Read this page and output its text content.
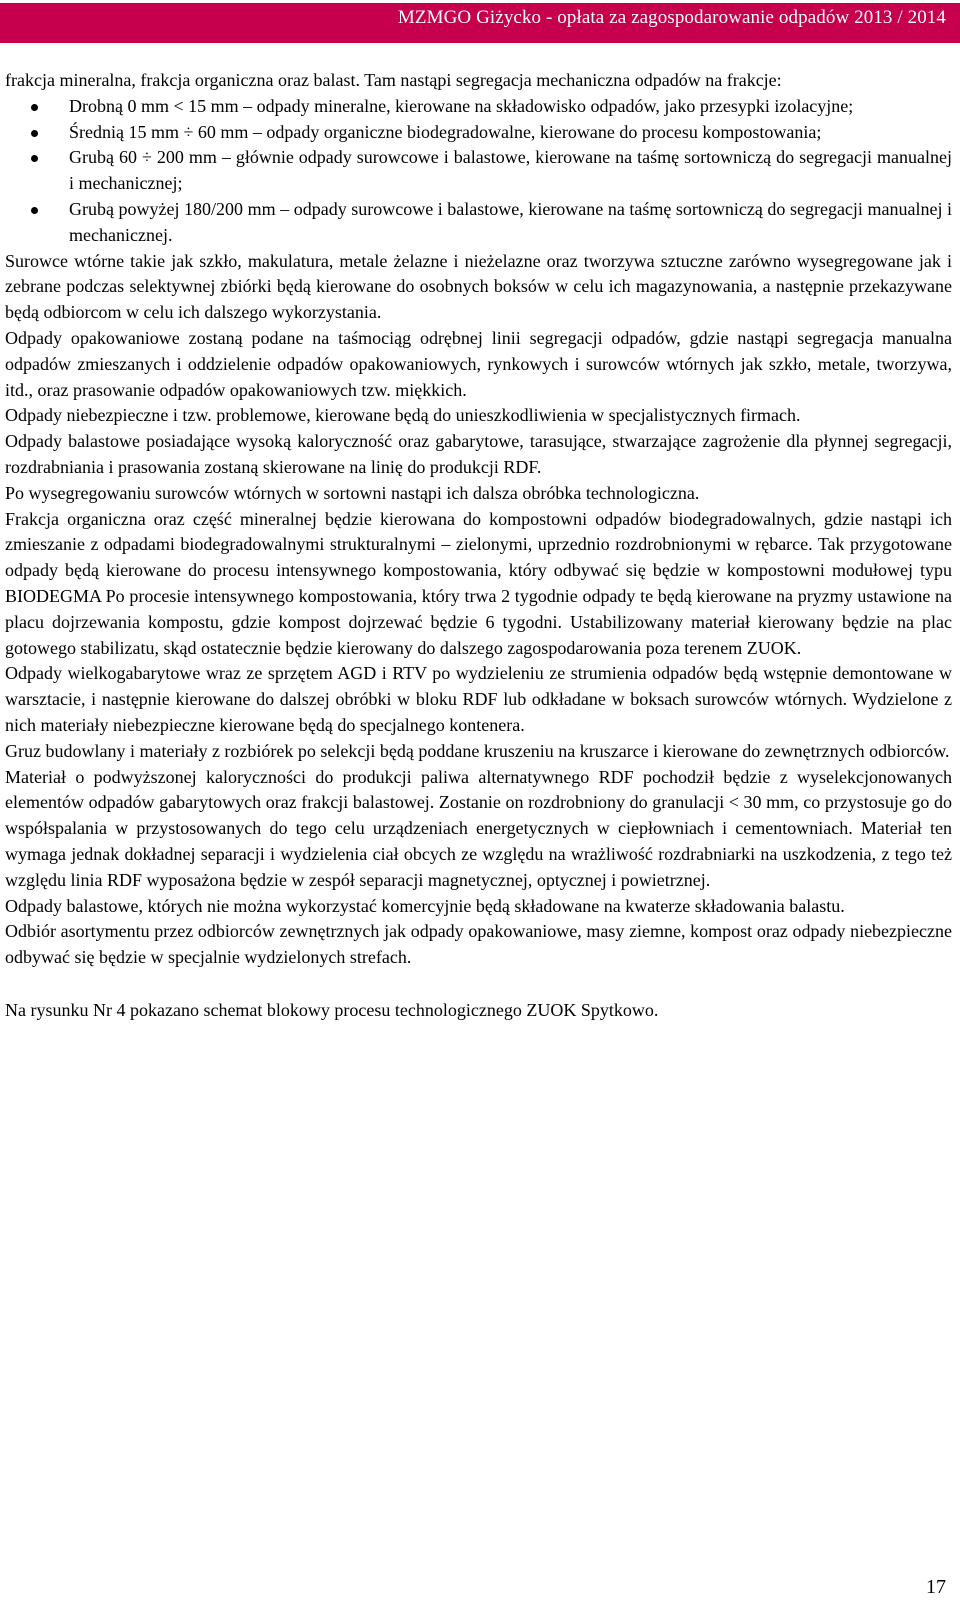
MZMGO Giżycko - opłata za zagospodarowanie odpadów 2013 / 2014

frakcja mineralna, frakcja organiczna oraz balast. Tam nastąpi segregacja mechaniczna odpadów na frakcje:

Drobną 0 mm < 15 mm – odpady mineralne, kierowane na składowisko odpadów, jako przesypki izolacyjne;
Średnią 15 mm ÷ 60 mm – odpady organiczne biodegradowalne, kierowane do procesu kompostowania;
Grubą 60 ÷ 200 mm – głównie odpady surowcowe i balastowe, kierowane na taśmę sortowniczą do segregacji manualnej i mechanicznej;
Grubą powyżej 180/200 mm – odpady surowcowe i balastowe, kierowane na taśmę sortowniczą do segregacji manualnej i mechanicznej.

Surowce wtórne takie jak szkło, makulatura, metale żelazne i nieżelazne oraz tworzywa sztuczne zarówno wysegregowane jak i zebrane podczas selektywnej zbiórki będą kierowane do osobnych boksów w celu ich magazynowania, a następnie przekazywane będą odbiorcom w celu ich dalszego wykorzystania.

Odpady opakowaniowe zostaną podane na taśmociąg odrębnej linii segregacji odpadów, gdzie nastąpi segregacja manualna odpadów zmieszanych i oddzielenie odpadów opakowaniowych, rynkowych i surowców wtórnych jak szkło, metale, tworzywa, itd., oraz prasowanie odpadów opakowaniowych tzw. miękkich.

Odpady niebezpieczne i tzw. problemowe, kierowane będą do unieszkodliwienia w specjalistycznych firmach.

Odpady balastowe posiadające wysoką kaloryczność oraz gabarytowe, tarasujące, stwarzające zagrożenie dla płynnej segregacji, rozdrabniania i prasowania zostaną skierowane na linię do produkcji RDF.

Po wysegregowaniu surowców wtórnych w sortowni nastąpi ich dalsza obróbka technologiczna.

Frakcja organiczna oraz część mineralnej będzie kierowana do kompostowni odpadów biodegradowalnych, gdzie nastąpi ich zmieszanie z odpadami biodegradowalnymi strukturalnymi – zielonymi, uprzednio rozdrobnionymi w rębarce. Tak przygotowane odpady będą kierowane do procesu intensywnego kompostowania, który odbywać się będzie w kompostowni modułowej typu BIODEGMA Po procesie intensywnego kompostowania, który trwa 2 tygodnie odpady te będą kierowane na pryzmy ustawione na placu dojrzewania kompostu, gdzie kompost dojrzewać będzie 6 tygodni. Ustabilizowany materiał kierowany będzie na plac gotowego stabilizatu, skąd ostatecznie będzie kierowany do dalszego zagospodarowania poza terenem ZUOK.

Odpady wielkogabarytowe wraz ze sprzętem AGD i RTV po wydzieleniu ze strumienia odpadów będą wstępnie demontowane w warsztacie, i następnie kierowane do dalszej obróbki w bloku RDF lub odkładane w boksach surowców wtórnych. Wydzielone z nich materiały niebezpieczne kierowane będą do specjalnego kontenera.

Gruz budowlany i materiały z rozbiórek po selekcji będą poddane kruszeniu na kruszarce i kierowane do zewnętrznych odbiorców.

Materiał o podwyższonej kaloryczności do produkcji paliwa alternatywnego RDF pochodził będzie z wyselekcjonowanych elementów odpadów gabarytowych oraz frakcji balastowej. Zostanie on rozdrobniony do granulacji < 30 mm, co przystosuje go do współspalania w przystosowanych do tego celu urządzeniach energetycznych w ciepłowniach i cementowniach. Materiał ten wymaga jednak dokładnej separacji i wydzielenia ciał obcych ze względu na wrażliwość rozdrabniarki na uszkodzenia, z tego też względu linia RDF wyposażona będzie w zespół separacji magnetycznej, optycznej i powietrznej.

Odpady balastowe, których nie można wykorzystać komercyjnie będą składowane na kwaterze składowania balastu.

Odbiór asortymentu przez odbiorców zewnętrznych jak odpady opakowaniowe, masy ziemne, kompost oraz odpady niebezpieczne odbywać się będzie w specjalnie wydzielonych strefach.

Na rysunku Nr 4 pokazano schemat blokowy procesu technologicznego ZUOK Spytkowo.

17
